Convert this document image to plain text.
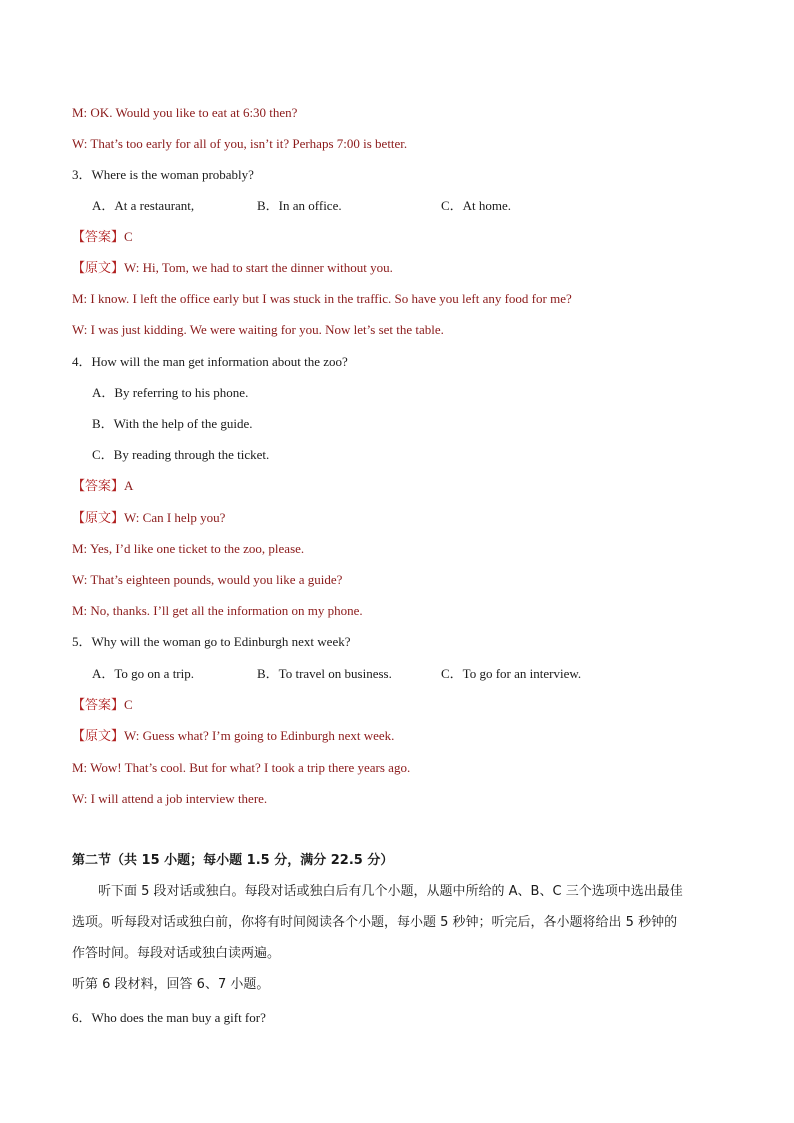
M: OK. Would you like to eat at 6:30 then?
W: That’s too early for all of you, isn’t it? Perhaps 7:00 is better.
3．Where is the woman probably?
A．At a restaurant,	B．In an office.	C．At home.
【答案】C
【原文】W: Hi, Tom, we had to start the dinner without you.
M: I know. I left the office early but I was stuck in the traffic. So have you left any food for me?
W: I was just kidding. We were waiting for you. Now let’s set the table.
4．How will the man get information about the zoo?
A．By referring to his phone.
B．With the help of the guide.
C．By reading through the ticket.
【答案】A
【原文】W: Can I help you?
M: Yes, I’d like one ticket to the zoo, please.
W: That’s eighteen pounds, would you like a guide?
M: No, thanks. I’ll get all the information on my phone.
5．Why will the woman go to Edinburgh next week?
A．To go on a trip.	B．To travel on business.	C．To go for an interview.
【答案】C
【原文】W: Guess what? I’m going to Edinburgh next week.
M: Wow! That’s cool. But for what? I took a trip there years ago.
W: I will attend a job interview there.
第二节（共 15 小题；每小题 1.5 分，满分 22.5 分）
听下面 5 段对话或独白。每段对话或独白后有几个小题，从题中所给的 A、B、C 三个选项中选出最佳
选项。听每段对话或独白前，你将有时间阅读各个小题，每小题 5 秒钟；听完后，各小题将给出 5 秒钟的
作答时间。每段对话或独白读两遍。
听第 6 段材料，回答 6、7 小题。
6．Who does the man buy a gift for?
